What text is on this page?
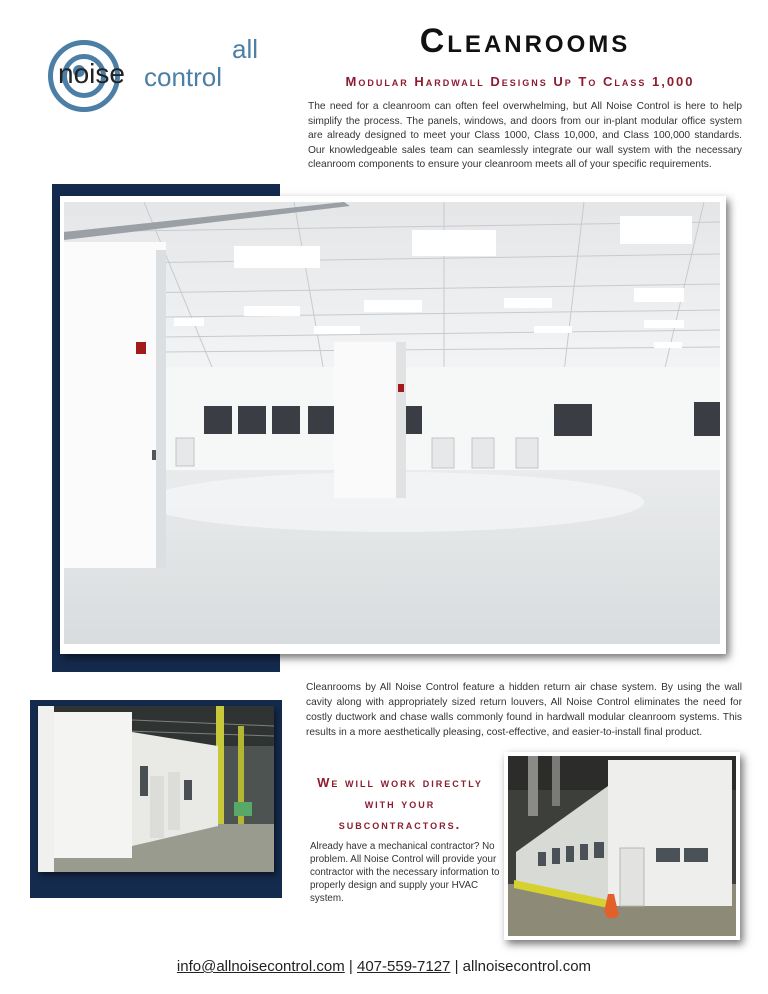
noise control
all	Cleanrooms
Modular Hardwall Designs Up To Class 1,000
The need for a cleanroom can often feel overwhelming, but All Noise Control is here to help simplify the process. The panels, windows, and doors from our in-plant modular office system are already designed to meet your Class 1000, Class 10,000, and Class 100,000 standards. Our knowledgeable sales team can seamlessly integrate our wall system with the necessary cleanroom components to ensure your cleanroom meets all of your specific requirements.
Cleanrooms by All Noise Control feature a hidden return air chase system. By using the wall cavity along with appropriately sized return louvers, All Noise Control eliminates the need for costly ductwork and chase walls commonly found in hardwall modular cleanroom systems. This results in a more aesthetically pleasing, cost-effective, and easier-to-install final product.
We will work directly
with your
subcontractors.
Already have a mechanical contractor? No problem. All Noise Control will provide your contractor with the necessary information to properly design and supply your HVAC system.
info@allnoisecontrol.com | 407-559-7127 | allnoisecontrol.com
